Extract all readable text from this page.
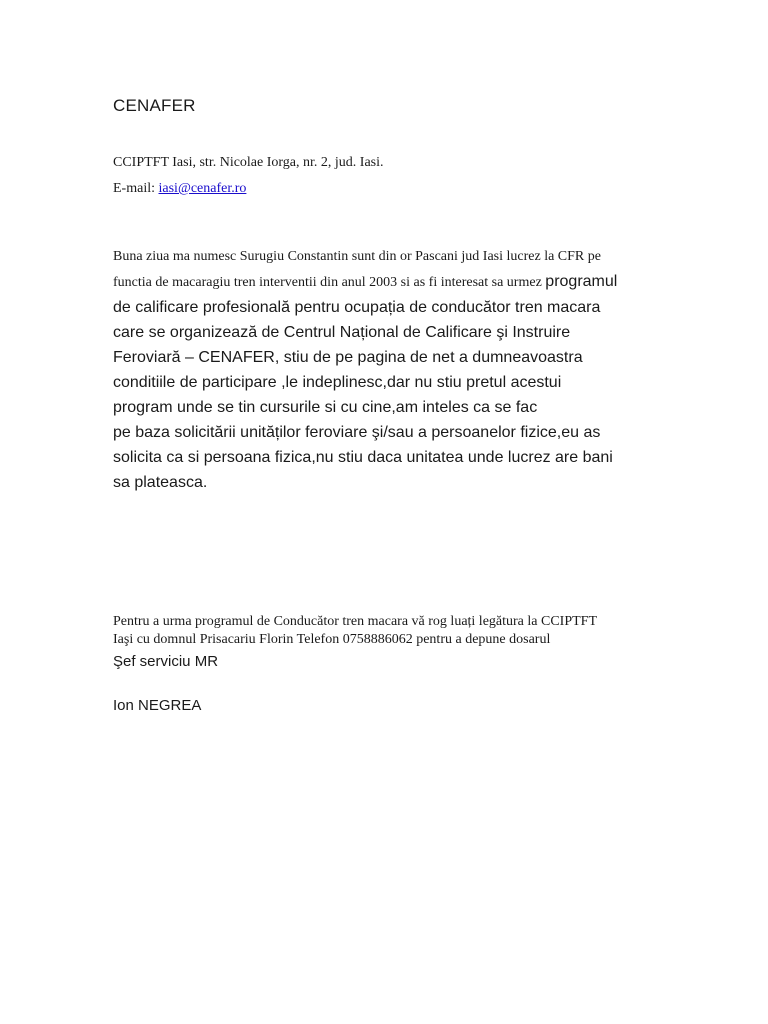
CENAFER
CCIPTFT Iasi, str. Nicolae Iorga, nr. 2, jud. Iasi.
E-mail: iasi@cenafer.ro
Buna ziua ma numesc Surugiu Constantin sunt din or Pascani jud Iasi lucrez la CFR pe
functia de macaragiu tren interventii din anul 2003 si as fi interesat sa urmez programul
de calificare profesională pentru ocupația de conducător tren macara
care se organizează de Centrul Național de Calificare şi Instruire
Feroviară – CENAFER, stiu de pe pagina de net a dumneavoastra
conditiile de participare ,le indeplinesc,dar nu stiu pretul acestui
program unde se tin cursurile si cu cine,am inteles ca se fac
pe baza solicitării unităților feroviare şi/sau a persoanelor fizice,eu as
solicita ca si persoana fizica,nu stiu daca unitatea unde lucrez are bani
sa plateasca.
Pentru a urma programul de Conducător tren macara vă rog luați legătura la CCIPTFT
Iaşi cu domnul Prisacariu Florin Telefon 0758886062 pentru a depune dosarul
Şef serviciu MR
Ion NEGREA
